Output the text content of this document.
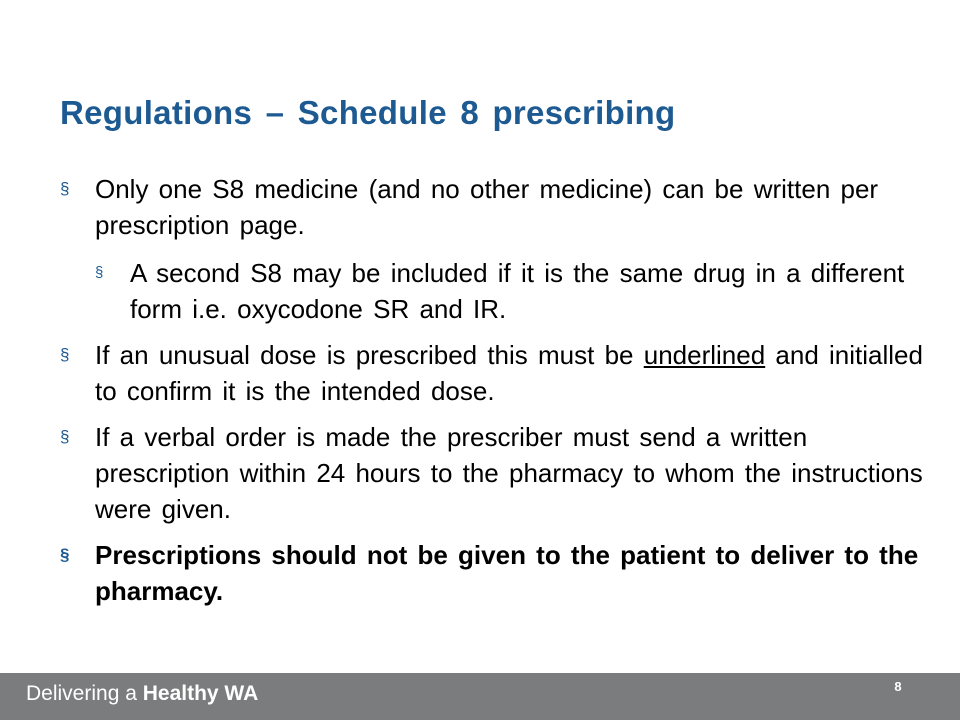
Regulations – Schedule 8 prescribing
§ Only one S8 medicine (and no other medicine) can be written per prescription page.
§ A second S8 may be included if it is the same drug in a different form i.e. oxycodone SR and IR.
§ If an unusual dose is prescribed this must be underlined and initialled to confirm it is the intended dose.
§ If a verbal order is made the prescriber must send a written prescription within 24 hours to the pharmacy to whom the instructions were given.
§ Prescriptions should not be given to the patient to deliver to the pharmacy.
Delivering a Healthy WA	8
